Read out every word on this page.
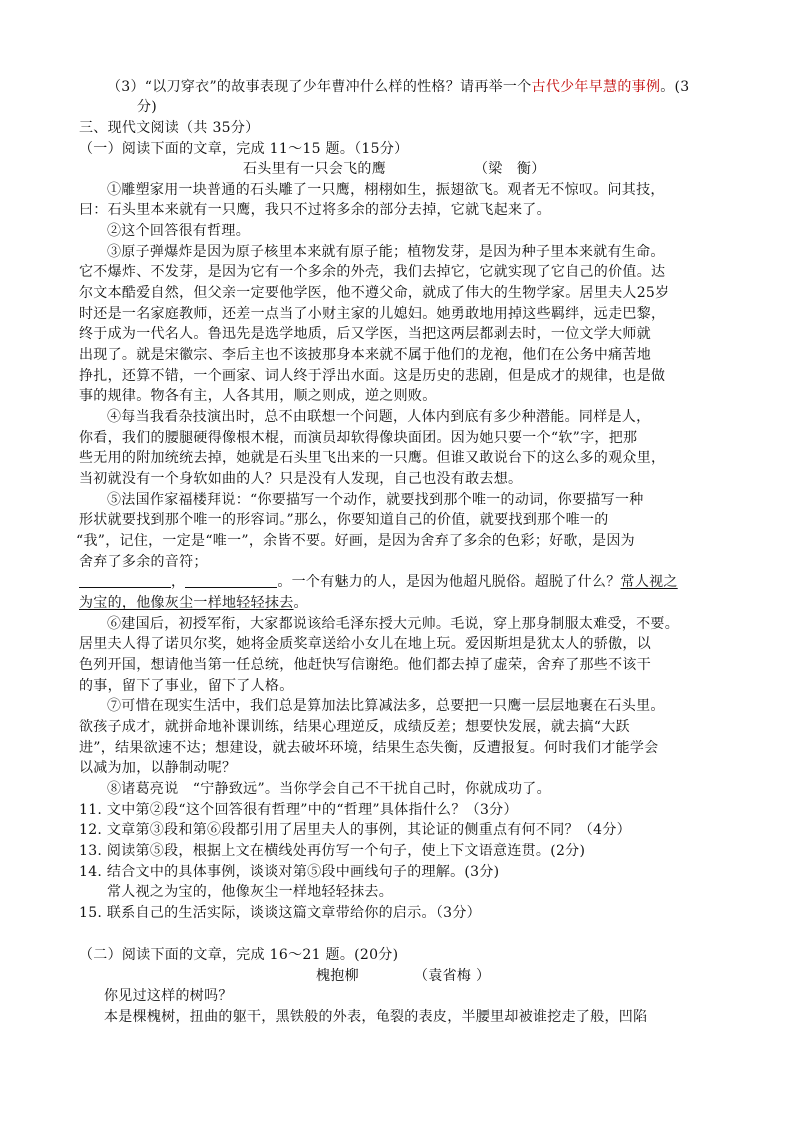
（3）“以刀穿衣”的故事表现了少年曹冲什么样的性格？请再举一个古代少年早慧的事例。(3
分)
三、现代文阅读（共 35分）
（一）阅读下面的文章，完成 11～15 题。（15分）
石头里有一只会飞的鹰	（梁　衡）
①雕塑家用一块普通的石头雕了一只鹰，栩栩如生，振翅欲飞。观者无不惊叹。问其技，
曰：石头里本来就有一只鹰，我只不过将多余的部分去掉，它就飞起来了。
②这个回答很有哲理。
③原子弹爆炸是因为原子核里本来就有原子能；植物发芽，是因为种子里本来就有生命。
它不爆炸、不发芽，是因为它有一个多余的外壳，我们去掉它，它就实现了它自己的价值。达
尔文本酷爱自然，但父亲一定要他学医，他不遵父命，就成了伟大的生物学家。居里夫人25岁
时还是一名家庭教师，还差一点当了小财主家的儿媳妇。她勇敢地用掉这些羁绊，远走巴黎，
终于成为一代名人。鲁迅先是选学地质，后又学医，当把这两层都剥去时，一位文学大师就
出现了。就是宋徽宗、李后主也不该披那身本来就不属于他们的龙袍，他们在公务中痛苦地
挣扎，还算不错，一个画家、词人终于浮出水面。这是历史的悲剧，但是成才的规律，也是做
事的规律。物各有主，人各其用，顺之则成，逆之则败。
④每当我看杂技演出时，总不由联想一个问题，人体内到底有多少种潜能。同样是人，
你看，我们的腰腿硬得像根木棍，而演员却软得像块面团。因为她只要一个“软”字，把那
些无用的附加统统去掉，她就是石头里飞出来的一只鹰。但谁又敢说台下的这么多的观众里，
当初就没有一个身软如曲的人？只是没有人发现，自己也没有敢去想。
⑤法国作家福楼拜说：“你要描写一个动作，就要找到那个唯一的动词，你要描写一种
形状就要找到那个唯一的形容词。”那么，你要知道自己的价值，就要找到那个唯一的
“我”，记住，一定是“唯一”，余皆不要。好画，是因为舍弃了多余的色彩；好歌，是因为
舍弃了多余的音符；
，	。一个有魅力的人，是因为他超凡脱俗。超脱了什么？常人视之
为宝的，他像灰尘一样地轻轻抹去。
⑥建国后，初授军衔，大家都说该给毛泽东授大元帅。毛说，穿上那身制服太难受，不要。
居里夫人得了诺贝尔奖，她将金质奖章送给小女儿在地上玩。爱因斯坦是犹太人的骄傲，以
色列开国，想请他当第一任总统，他赶快写信谢绝。他们都去掉了虚荣，舍弃了那些不该干
的事，留下了事业，留下了人格。
⑦可惜在现实生活中，我们总是算加法比算减法多，总要把一只鹰一层层地裹在石头里。
欲孩子成才，就拼命地补课训练，结果心理逆反，成绩反差；想要快发展，就去搞“大跃
进”，结果欲速不达；想建设，就去破坏环境，结果生态失衡，反遭报复。何时我们才能学会
以减为加，以静制动呢？
⑧诸葛亮说　“宁静致远”。当你学会自己不干扰自己时，你就成功了。
11. 文中第②段“这个回答很有哲理”中的“哲理”具体指什么？（3分）
12. 文章第③段和第⑥段都引用了居里夫人的事例，其论证的侧重点有何不同？（4分）
13. 阅读第⑤段，根据上文在横线处再仿写一个句子，使上下文语意连贯。(2分)
14. 结合文中的具体事例，谈谈对第⑤段中画线句子的理解。(3分)
常人视之为宝的，他像灰尘一样地轻轻抹去。
15. 联系自己的生活实际，谈谈这篇文章带给你的启示。（3分）
（二）阅读下面的文章，完成 16～21 题。(20分)
槐抱柳	（袁省梅 ）
你见过这样的树吗？
本是棵槐树，扭曲的躯干，黑铁般的外表，龟裂的表皮，半腰里却被谁挖走了般，凹陷
